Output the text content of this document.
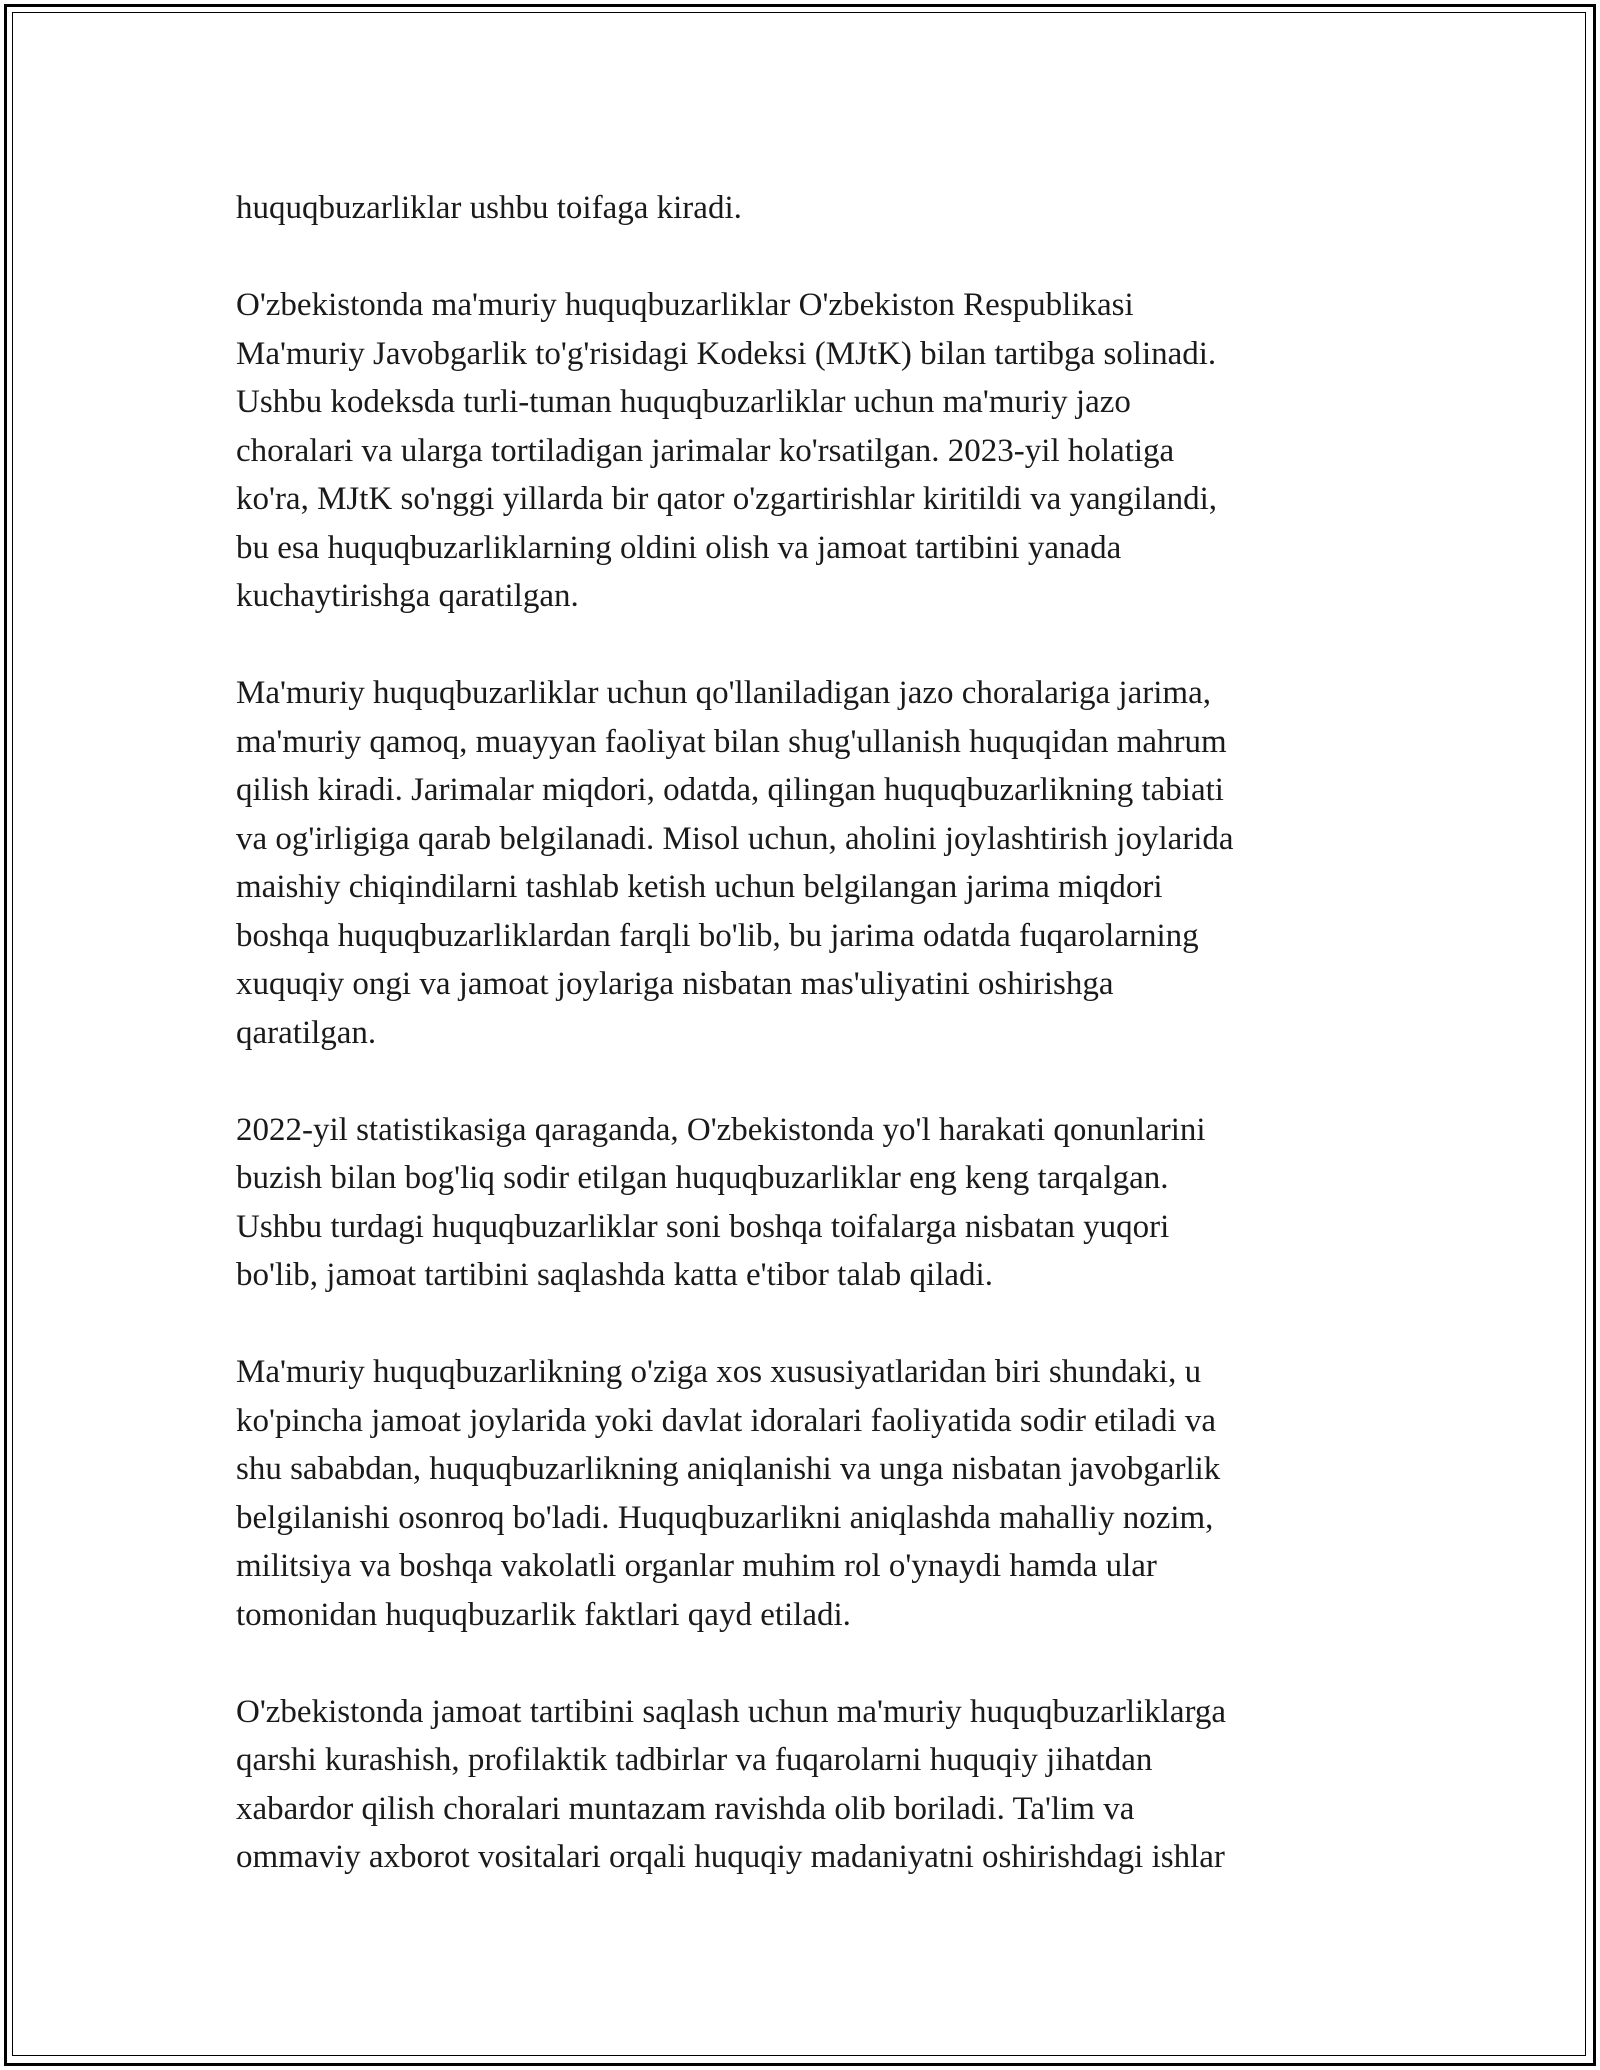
huquqbuzarliklar ushbu toifaga kiradi.

O'zbekistonda ma'muriy huquqbuzarliklar O'zbekiston Respublikasi
Ma'muriy Javobgarlik to'g'risidagi Kodeksi (MJtK) bilan tartibga solinadi.
Ushbu kodeksda turli-tuman huquqbuzarliklar uchun ma'muriy jazo
choralari va ularga tortiladigan jarimalar ko'rsatilgan. 2023-yil holatiga
ko'ra, MJtK so'nggi yillarda bir qator o'zgartirishlar kiritildi va yangilandi,
bu esa huquqbuzarliklarning oldini olish va jamoat tartibini yanada
kuchaytirishga qaratilgan.

Ma'muriy huquqbuzarliklar uchun qo'llaniladigan jazo choralariga jarima,
ma'muriy qamoq, muayyan faoliyat bilan shug'ullanish huquqidan mahrum
qilish kiradi. Jarimalar miqdori, odatda, qilingan huquqbuzarlikning tabiati
va og'irligiga qarab belgilanadi. Misol uchun, aholini joylashtirish joylarida
maishiy chiqindilarni tashlab ketish uchun belgilangan jarima miqdori
boshqa huquqbuzarliklardan farqli bo'lib, bu jarima odatda fuqarolarning
xuquqiy ongi va jamoat joylariga nisbatan mas'uliyatini oshirishga
qaratilgan.

2022-yil statistikasiga qaraganda, O'zbekistonda yo'l harakati qonunlarini
buzish bilan bog'liq sodir etilgan huquqbuzarliklar eng keng tarqalgan.
Ushbu turdagi huquqbuzarliklar soni boshqa toifalarga nisbatan yuqori
bo'lib, jamoat tartibini saqlashda katta e'tibor talab qiladi.

Ma'muriy huquqbuzarlikning o'ziga xos xususiyatlaridan biri shundaki, u
ko'pincha jamoat joylarida yoki davlat idoralari faoliyatida sodir etiladi va
shu sababdan, huquqbuzarlikning aniqlanishi va unga nisbatan javobgarlik
belgilanishi osonroq bo'ladi. Huquqbuzarlikni aniqlashda mahalliy nozim,
militsiya va boshqa vakolatli organlar muhim rol o'ynaydi hamda ular
tomonidan huquqbuzarlik faktlari qayd etiladi.

O'zbekistonda jamoat tartibini saqlash uchun ma'muriy huquqbuzarliklarga
qarshi kurashish, profilaktik tadbirlar va fuqarolarni huquqiy jihatdan
xabardor qilish choralari muntazam ravishda olib boriladi. Ta'lim va
ommaviy axborot vositalari orqali huquqiy madaniyatni oshirishdagi ishlar
